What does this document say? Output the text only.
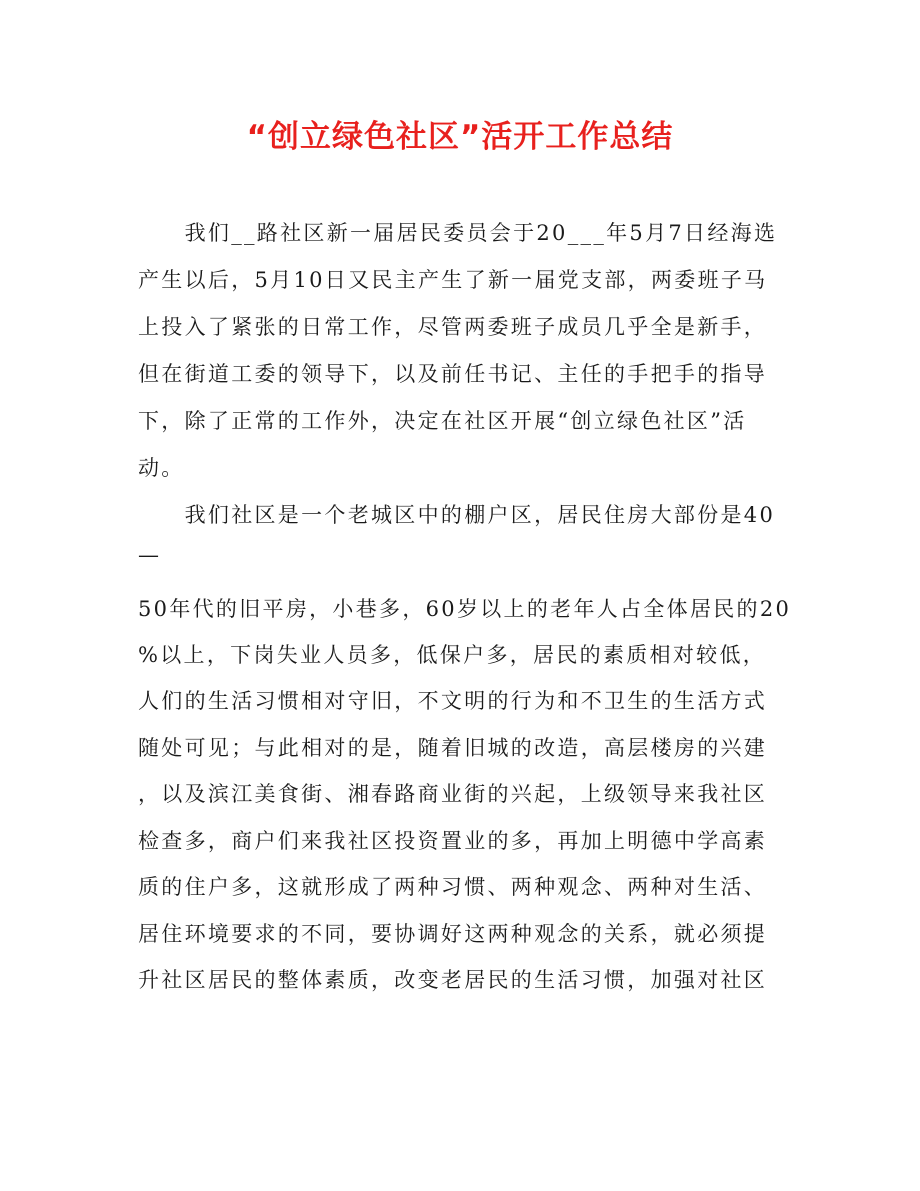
“创立绿色社区”活开工作总结
　　我们__路社区新一届居民委员会于20___年5月7日经海选
产生以后，5月10日又民主产生了新一届党支部，两委班子马
上投入了紧张的日常工作，尽管两委班子成员几乎全是新手，
但在街道工委的领导下，以及前任书记、主任的手把手的指导
下，除了正常的工作外，决定在社区开展“创立绿色社区”活
动。
　　我们社区是一个老城区中的棚户区，居民住房大部份是40
—
50年代的旧平房，小巷多，60岁以上的老年人占全体居民的20
%以上，下岗失业人员多，低保户多，居民的素质相对较低，
人们的生活习惯相对守旧，不文明的行为和不卫生的生活方式
随处可见；与此相对的是，随着旧城的改造，高层楼房的兴建
，以及滨江美食街、湘春路商业街的兴起，上级领导来我社区
检查多，商户们来我社区投资置业的多，再加上明德中学高素
质的住户多，这就形成了两种习惯、两种观念、两种对生活、
居住环境要求的不同，要协调好这两种观念的关系，就必须提
升社区居民的整体素质，改变老居民的生活习惯，加强对社区
